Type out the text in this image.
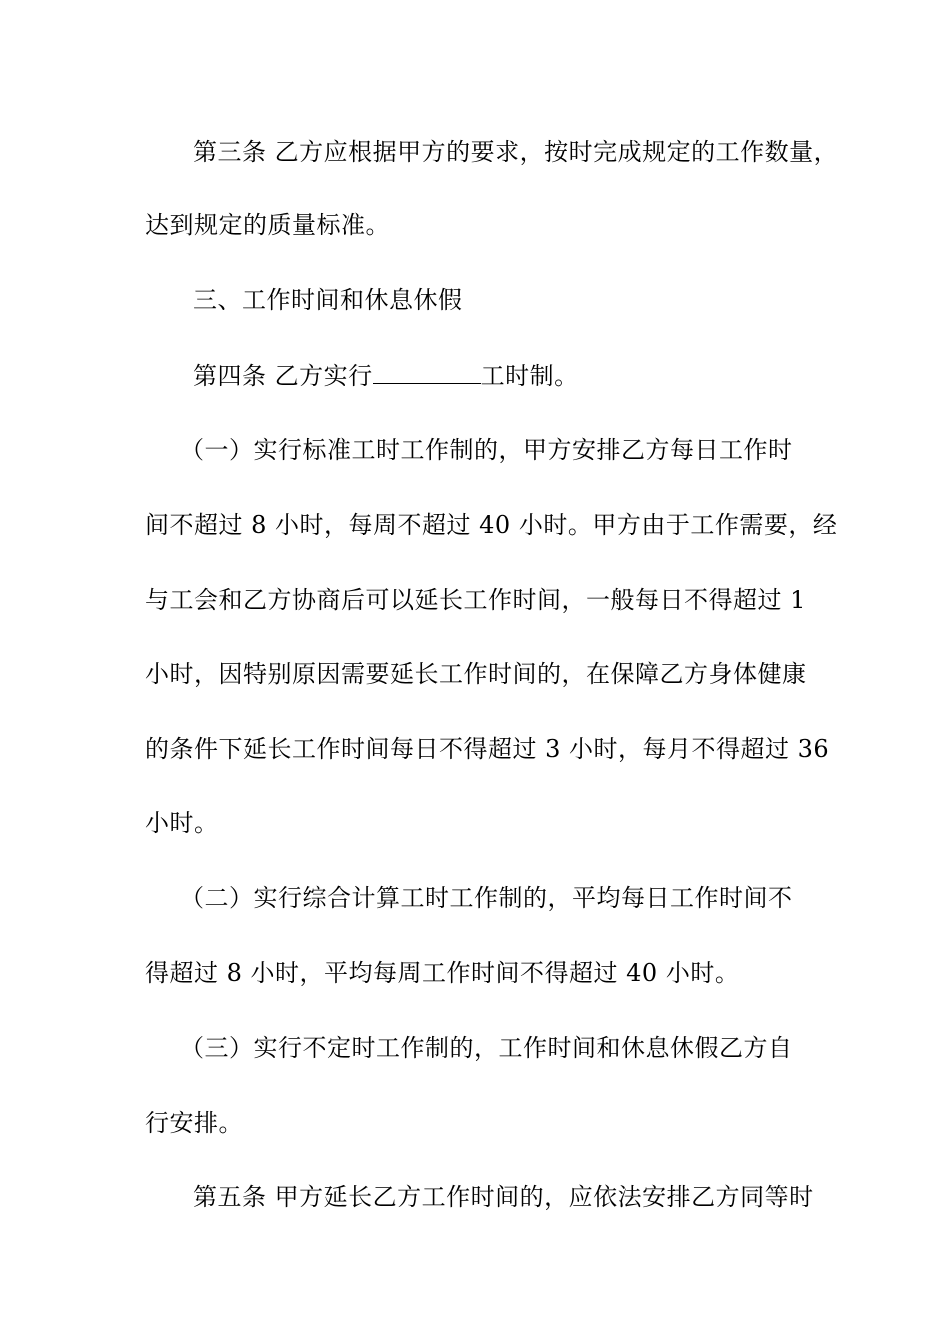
第三条 乙方应根据甲方的要求，按时完成规定的工作数量，
达到规定的质量标准。
三、工作时间和休息休假
第四条 乙方实行	工时制。
（一）实行标准工时工作制的，甲方安排乙方每日工作时
间不超过 8 小时，每周不超过 40 小时。甲方由于工作需要，经
与工会和乙方协商后可以延长工作时间，一般每日不得超过 1
小时，因特别原因需要延长工作时间的，在保障乙方身体健康
的条件下延长工作时间每日不得超过 3 小时，每月不得超过 36
小时。
（二）实行综合计算工时工作制的，平均每日工作时间不
得超过 8 小时，平均每周工作时间不得超过 40 小时。
（三）实行不定时工作制的，工作时间和休息休假乙方自
行安排。
第五条 甲方延长乙方工作时间的，应依法安排乙方同等时
